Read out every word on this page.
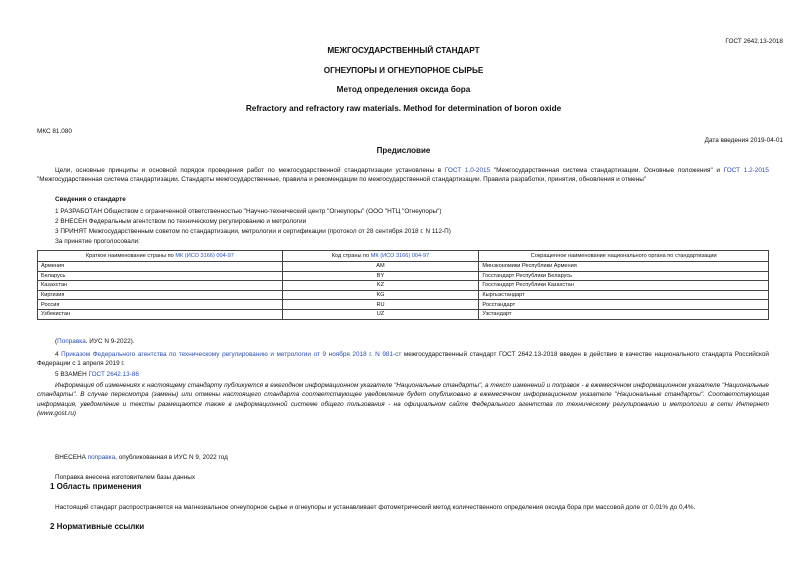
ГОСТ 2642.13-2018
МЕЖГОСУДАРСТВЕННЫЙ СТАНДАРТ
ОГНЕУПОРЫ И ОГНЕУПОРНОЕ СЫРЬЕ
Метод определения оксида бора
Refractory and refractory raw materials. Method for determination of boron oxide
МКС 81.080
Дата введения 2019-04-01
Предисловие
Цели, основные принципы и основной порядок проведения работ по межгосударственной стандартизации установлены в ГОСТ 1.0-2015 "Межгосударственная система стандартизации. Основные положения" и ГОСТ 1.2-2015 "Межгосударственная система стандартизации. Стандарты межгосударственные, правила и рекомендации по межгосударственной стандартизации. Правила разработки, принятия, обновления и отмены"
Сведения о стандарте
1 РАЗРАБОТАН Обществом с ограниченной ответственностью "Научно-технический центр "Огнеупоры" (ООО "НТЦ "Огнеупоры")
2 ВНЕСЕН Федеральным агентством по техническому регулированию и метрологии
3 ПРИНЯТ Межгосударственным советом по стандартизации, метрологии и сертификации (протокол от 28 сентября 2018 г. N 112-П)
За принятие проголосовали:
Краткое наименование страны по МК (ИСО 3166) 004-97	Код страны по МК (ИСО 3166) 004-97	Сокращенное наименование национального органа по стандартизации
Армения	AM	Минэкономики Республики Армения
Беларусь	BY	Госстандарт Республики Беларусь
Казахстан	KZ	Госстандарт Республики Казахстан
Киргизия	KG	Кыргызстандарт
Россия	RU	Росстандарт
Узбекистан	UZ	Узстандарт
(Поправка. ИУС N 9-2022).
4 Приказом Федерального агентства по техническому регулированию и метрологии от 9 ноября 2018 г. N 981-ст межгосударственный стандарт ГОСТ 2642.13-2018 введен в действие в качестве национального стандарта Российской Федерации с 1 апреля 2019 г.
5 ВЗАМЕН ГОСТ 2642.13-86
Информация об изменениях к настоящему стандарту публикуется в ежегодном информационном указателе "Национальные стандарты", а текст изменений и поправок - в ежемесячном информационном указателе "Национальные стандарты". В случае пересмотра (замены) или отмены настоящего стандарта соответствующее уведомление будет опубликовано в ежемесячном информационном указателе "Национальные стандарты". Соответствующая информация, уведомление и тексты размещаются также в информационной системе общего пользования - на официальном сайте Федерального агентства по техническому регулированию и метрологии в сети Интернет (www.gost.ru)
ВНЕСЕНА поправка, опубликованная в ИУС N 9, 2022 год
Поправка внесена изготовителем базы данных
1 Область применения
Настоящий стандарт распространяется на магнезиальное огнеупорное сырье и огнеупоры и устанавливает фотометрический метод количественного определения оксида бора при массовой доле от 0,01% до 0,4%.
2 Нормативные ссылки
